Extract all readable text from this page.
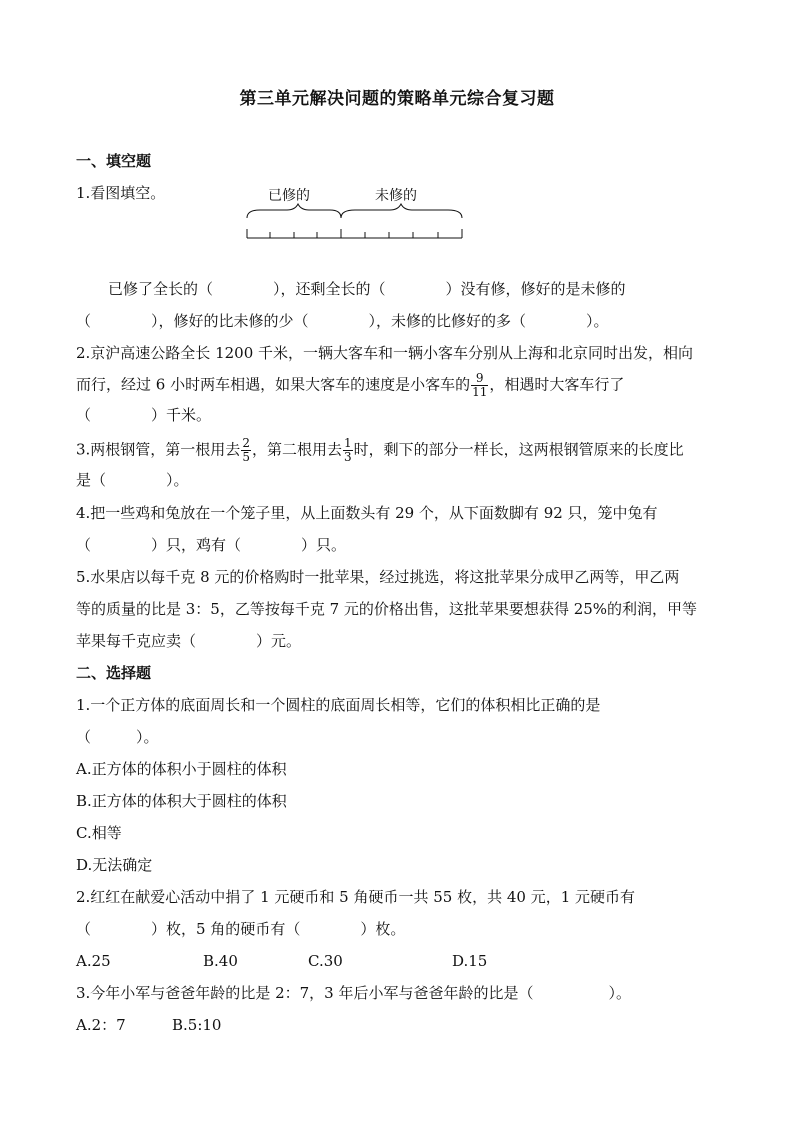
第三单元解决问题的策略单元综合复习题
一、填空题
1.看图填空。	已修的	未修的
已修了全长的（　　　　），还剩全长的（　　　　）没有修，修好的是未修的
（　　　　），修好的比未修的少（　　　　），未修的比修好的多（　　　　）。
2.京沪高速公路全长 1200 千米，一辆大客车和一辆小客车分别从上海和北京同时出发，相向
而行，经过 6 小时两车相遇，如果大客车的速度是小客车的 $\frac{9}{11}$ ，相遇时大客车行了
（　　　　）千米。
3.两根钢管，第一根用去 $\frac{2}{5}$ ，第二根用去 $\frac{1}{3}$ 时，剩下的部分一样长，这两根钢管原来的长度比
是（　　　　）。
4.把一些鸡和兔放在一个笼子里，从上面数头有 29 个，从下面数脚有 92 只，笼中兔有
（　　　　）只，鸡有（　　　　）只。
5.水果店以每千克 8 元的价格购时一批苹果，经过挑选，将这批苹果分成甲乙两等，甲乙两
等的质量的比是 3：5，乙等按每千克 7 元的价格出售，这批苹果要想获得 25%的利润，甲等
苹果每千克应卖（　　　　）元。
二、选择题
1.一个正方体的底面周长和一个圆柱的底面周长相等，它们的体积相比正确的是
（　　　）。
A.正方体的体积小于圆柱的体积
B.正方体的体积大于圆柱的体积
C.相等
D.无法确定
2.红红在献爱心活动中捐了 1 元硬币和 5 角硬币一共 55 枚，共 40 元，1 元硬币有
（　　　　）枚，5 角的硬币有（　　　　）枚。
A.25	B.40	C.30	D.15
3.今年小军与爸爸年龄的比是 2：7，3 年后小军与爸爸年龄的比是（　　　　　）。
A.2：7	B.5:10
